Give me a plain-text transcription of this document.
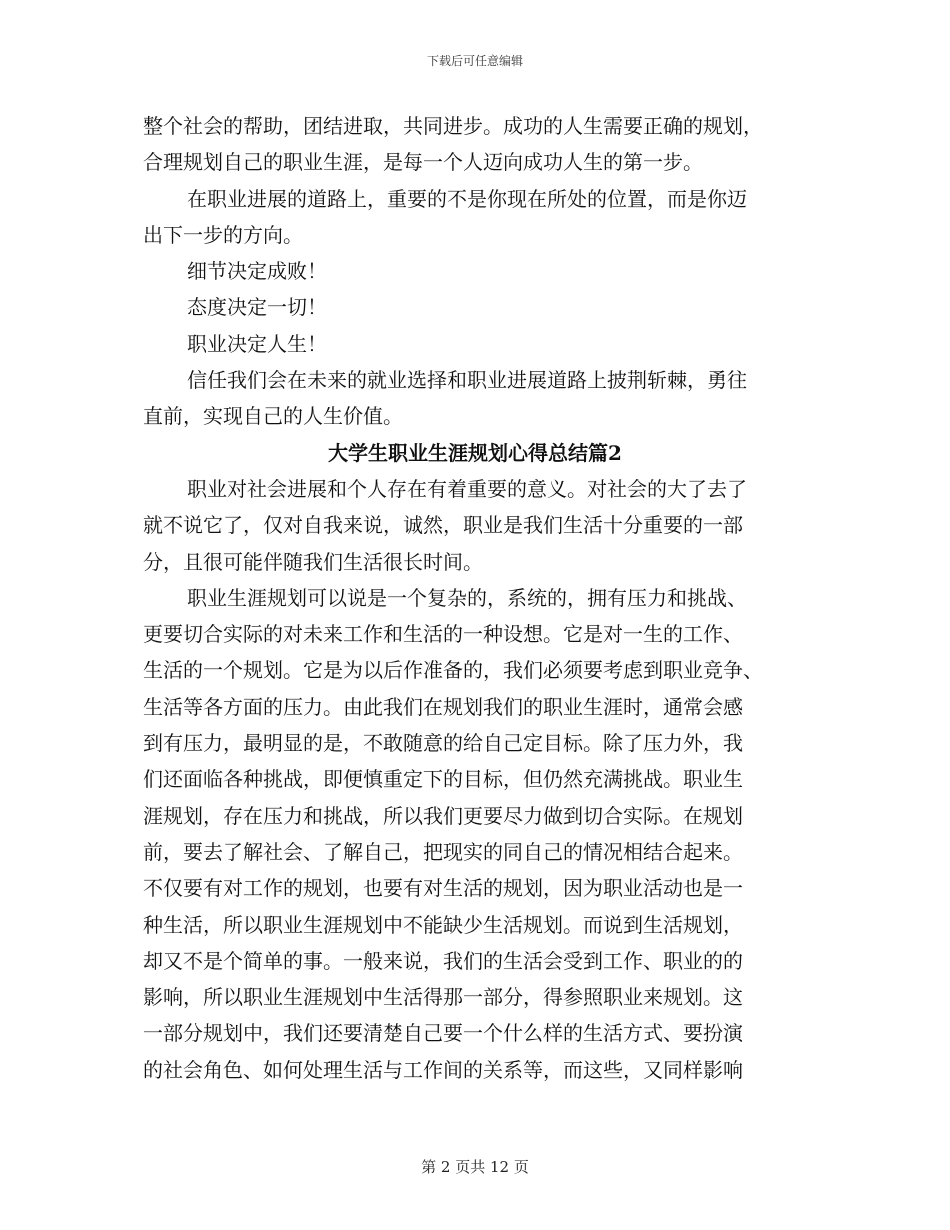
下载后可任意编辑
整个社会的帮助，团结进取，共同进步。成功的人生需要正确的规划，
合理规划自己的职业生涯，是每一个人迈向成功人生的第一步。
在职业进展的道路上，重要的不是你现在所处的位置，而是你迈
出下一步的方向。
细节决定成败！
态度决定一切！
职业决定人生！
信任我们会在未来的就业选择和职业进展道路上披荆斩棘，勇往
直前，实现自己的人生价值。
大学生职业生涯规划心得总结篇2
职业对社会进展和个人存在有着重要的意义。对社会的大了去了
就不说它了，仅对自我来说，诚然，职业是我们生活十分重要的一部
分，且很可能伴随我们生活很长时间。
职业生涯规划可以说是一个复杂的，系统的，拥有压力和挑战、
更要切合实际的对未来工作和生活的一种设想。它是对一生的工作、
生活的一个规划。它是为以后作准备的，我们必须要考虑到职业竞争、
生活等各方面的压力。由此我们在规划我们的职业生涯时，通常会感
到有压力，最明显的是，不敢随意的给自己定目标。除了压力外，我
们还面临各种挑战，即便慎重定下的目标，但仍然充满挑战。职业生
涯规划，存在压力和挑战，所以我们更要尽力做到切合实际。在规划
前，要去了解社会、了解自己，把现实的同自己的情况相结合起来。
不仅要有对工作的规划，也要有对生活的规划，因为职业活动也是一
种生活，所以职业生涯规划中不能缺少生活规划。而说到生活规划，
却又不是个简单的事。一般来说，我们的生活会受到工作、职业的的
影响，所以职业生涯规划中生活得那一部分，得参照职业来规划。这
一部分规划中，我们还要清楚自己要一个什么样的生活方式、要扮演
的社会角色、如何处理生活与工作间的关系等，而这些，又同样影响
第 2 页共 12 页
